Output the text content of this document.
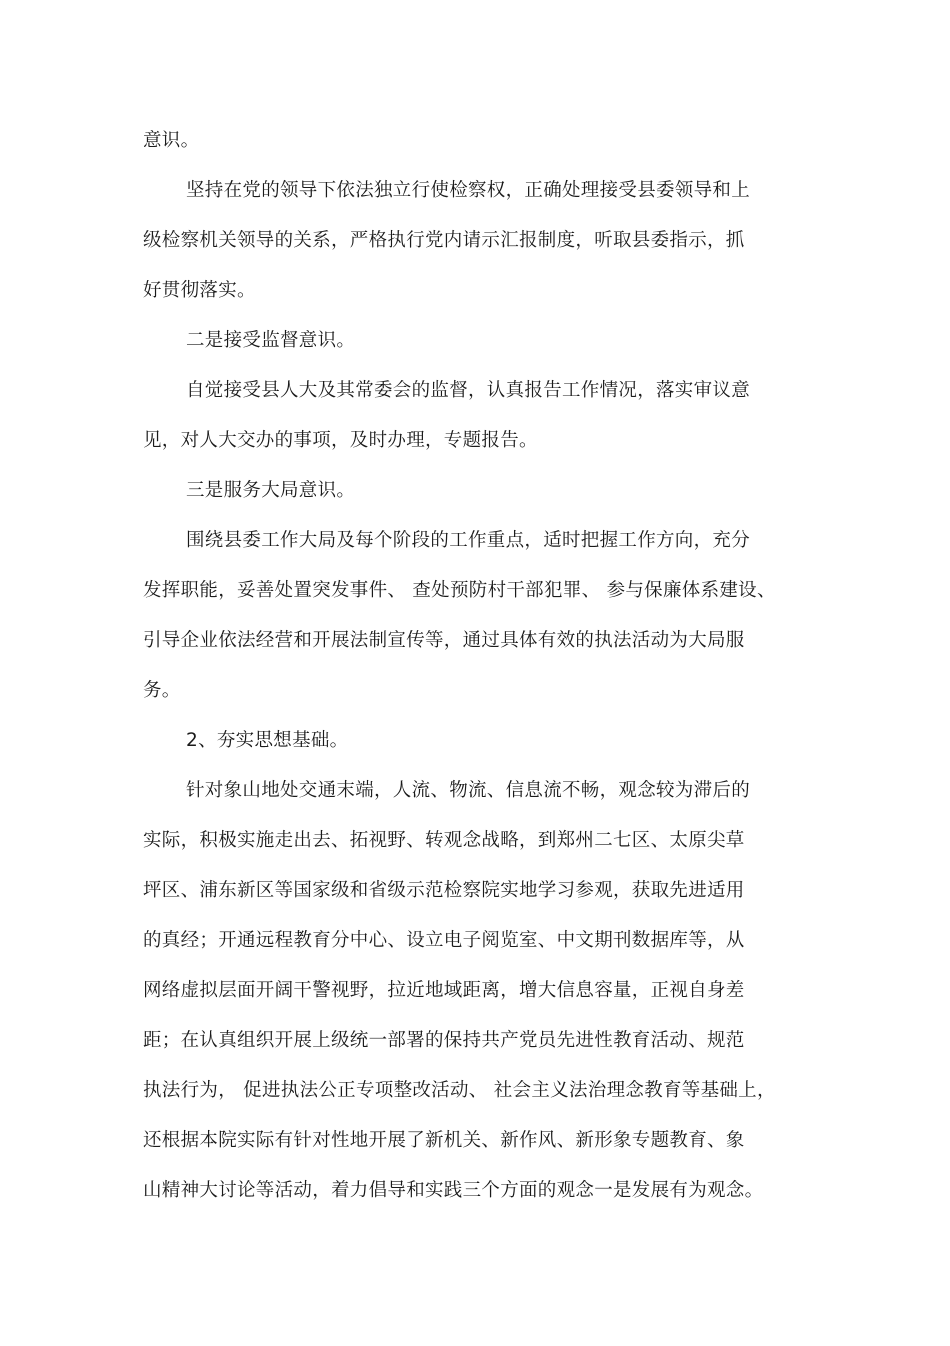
意识。
坚持在党的领导下依法独立行使检察权，正确处理接受县委领导和上
级检察机关领导的关系，严格执行党内请示汇报制度，听取县委指示，抓
好贯彻落实。
二是接受监督意识。
自觉接受县人大及其常委会的监督，认真报告工作情况，落实审议意
见，对人大交办的事项，及时办理，专题报告。
三是服务大局意识。
围绕县委工作大局及每个阶段的工作重点，适时把握工作方向，充分
发挥职能，妥善处置突发事件、 查处预防村干部犯罪、 参与保廉体系建设、
引导企业依法经营和开展法制宣传等，通过具体有效的执法活动为大局服
务。
2、夯实思想基础。
针对象山地处交通末端，人流、物流、信息流不畅，观念较为滞后的
实际，积极实施走出去、拓视野、转观念战略，到郑州二七区、太原尖草
坪区、浦东新区等国家级和省级示范检察院实地学习参观，获取先进适用
的真经；开通远程教育分中心、设立电子阅览室、中文期刊数据库等，从
网络虚拟层面开阔干警视野，拉近地域距离，增大信息容量，正视自身差
距；在认真组织开展上级统一部署的保持共产党员先进性教育活动、规范
执法行为， 促进执法公正专项整改活动、 社会主义法治理念教育等基础上，
还根据本院实际有针对性地开展了新机关、新作风、新形象专题教育、象
山精神大讨论等活动，着力倡导和实践三个方面的观念一是发展有为观念。
